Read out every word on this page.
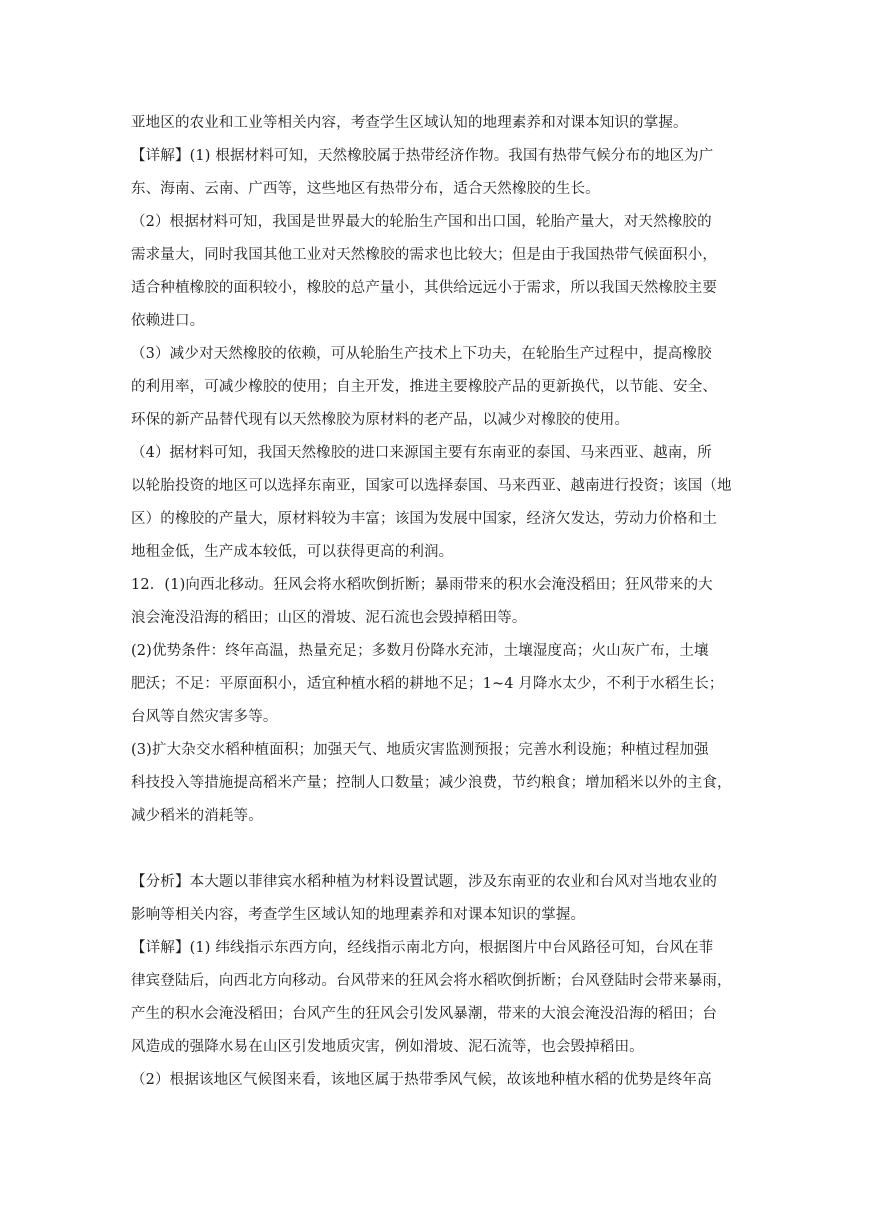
亚地区的农业和工业等相关内容，考查学生区域认知的地理素养和对课本知识的掌握。
【详解】(1) 根据材料可知，天然橡胶属于热带经济作物。我国有热带气候分布的地区为广
东、海南、云南、广西等，这些地区有热带分布，适合天然橡胶的生长。
（2）根据材料可知，我国是世界最大的轮胎生产国和出口国，轮胎产量大，对天然橡胶的
需求量大，同时我国其他工业对天然橡胶的需求也比较大；但是由于我国热带气候面积小，
适合种植橡胶的面积较小，橡胶的总产量小，其供给远远小于需求，所以我国天然橡胶主要
依赖进口。
（3）减少对天然橡胶的依赖，可从轮胎生产技术上下功夫，在轮胎生产过程中，提高橡胶
的利用率，可减少橡胶的使用；自主开发，推进主要橡胶产品的更新换代，以节能、安全、
环保的新产品替代现有以天然橡胶为原材料的老产品，以减少对橡胶的使用。
（4）据材料可知，我国天然橡胶的进口来源国主要有东南亚的泰国、马来西亚、越南，所
以轮胎投资的地区可以选择东南亚，国家可以选择泰国、马来西亚、越南进行投资；该国（地
区）的橡胶的产量大，原材料较为丰富；该国为发展中国家，经济欠发达，劳动力价格和土
地租金低，生产成本较低，可以获得更高的利润。
12．(1)向西北移动。狂风会将水稻吹倒折断；暴雨带来的积水会淹没稻田；狂风带来的大
浪会淹没沿海的稻田；山区的滑坡、泥石流也会毁掉稻田等。
(2)优势条件：终年高温，热量充足；多数月份降水充沛，土壤湿度高；火山灰广布，土壤
肥沃；不足：平原面积小，适宜种植水稻的耕地不足；1~4 月降水太少，不利于水稻生长；
台风等自然灾害多等。
(3)扩大杂交水稻种植面积；加强天气、地质灾害监测预报；完善水利设施；种植过程加强
科技投入等措施提高稻米产量；控制人口数量；减少浪费，节约粮食；增加稻米以外的主食，
减少稻米的消耗等。
【分析】本大题以菲律宾水稻种植为材料设置试题，涉及东南亚的农业和台风对当地农业的
影响等相关内容，考查学生区域认知的地理素养和对课本知识的掌握。
【详解】(1) 纬线指示东西方向，经线指示南北方向，根据图片中台风路径可知，台风在菲
律宾登陆后，向西北方向移动。台风带来的狂风会将水稻吹倒折断；台风登陆时会带来暴雨，
产生的积水会淹没稻田；台风产生的狂风会引发风暴潮，带来的大浪会淹没沿海的稻田；台
风造成的强降水易在山区引发地质灾害，例如滑坡、泥石流等，也会毁掉稻田。
（2）根据该地区气候图来看，该地区属于热带季风气候，故该地种植水稻的优势是终年高
